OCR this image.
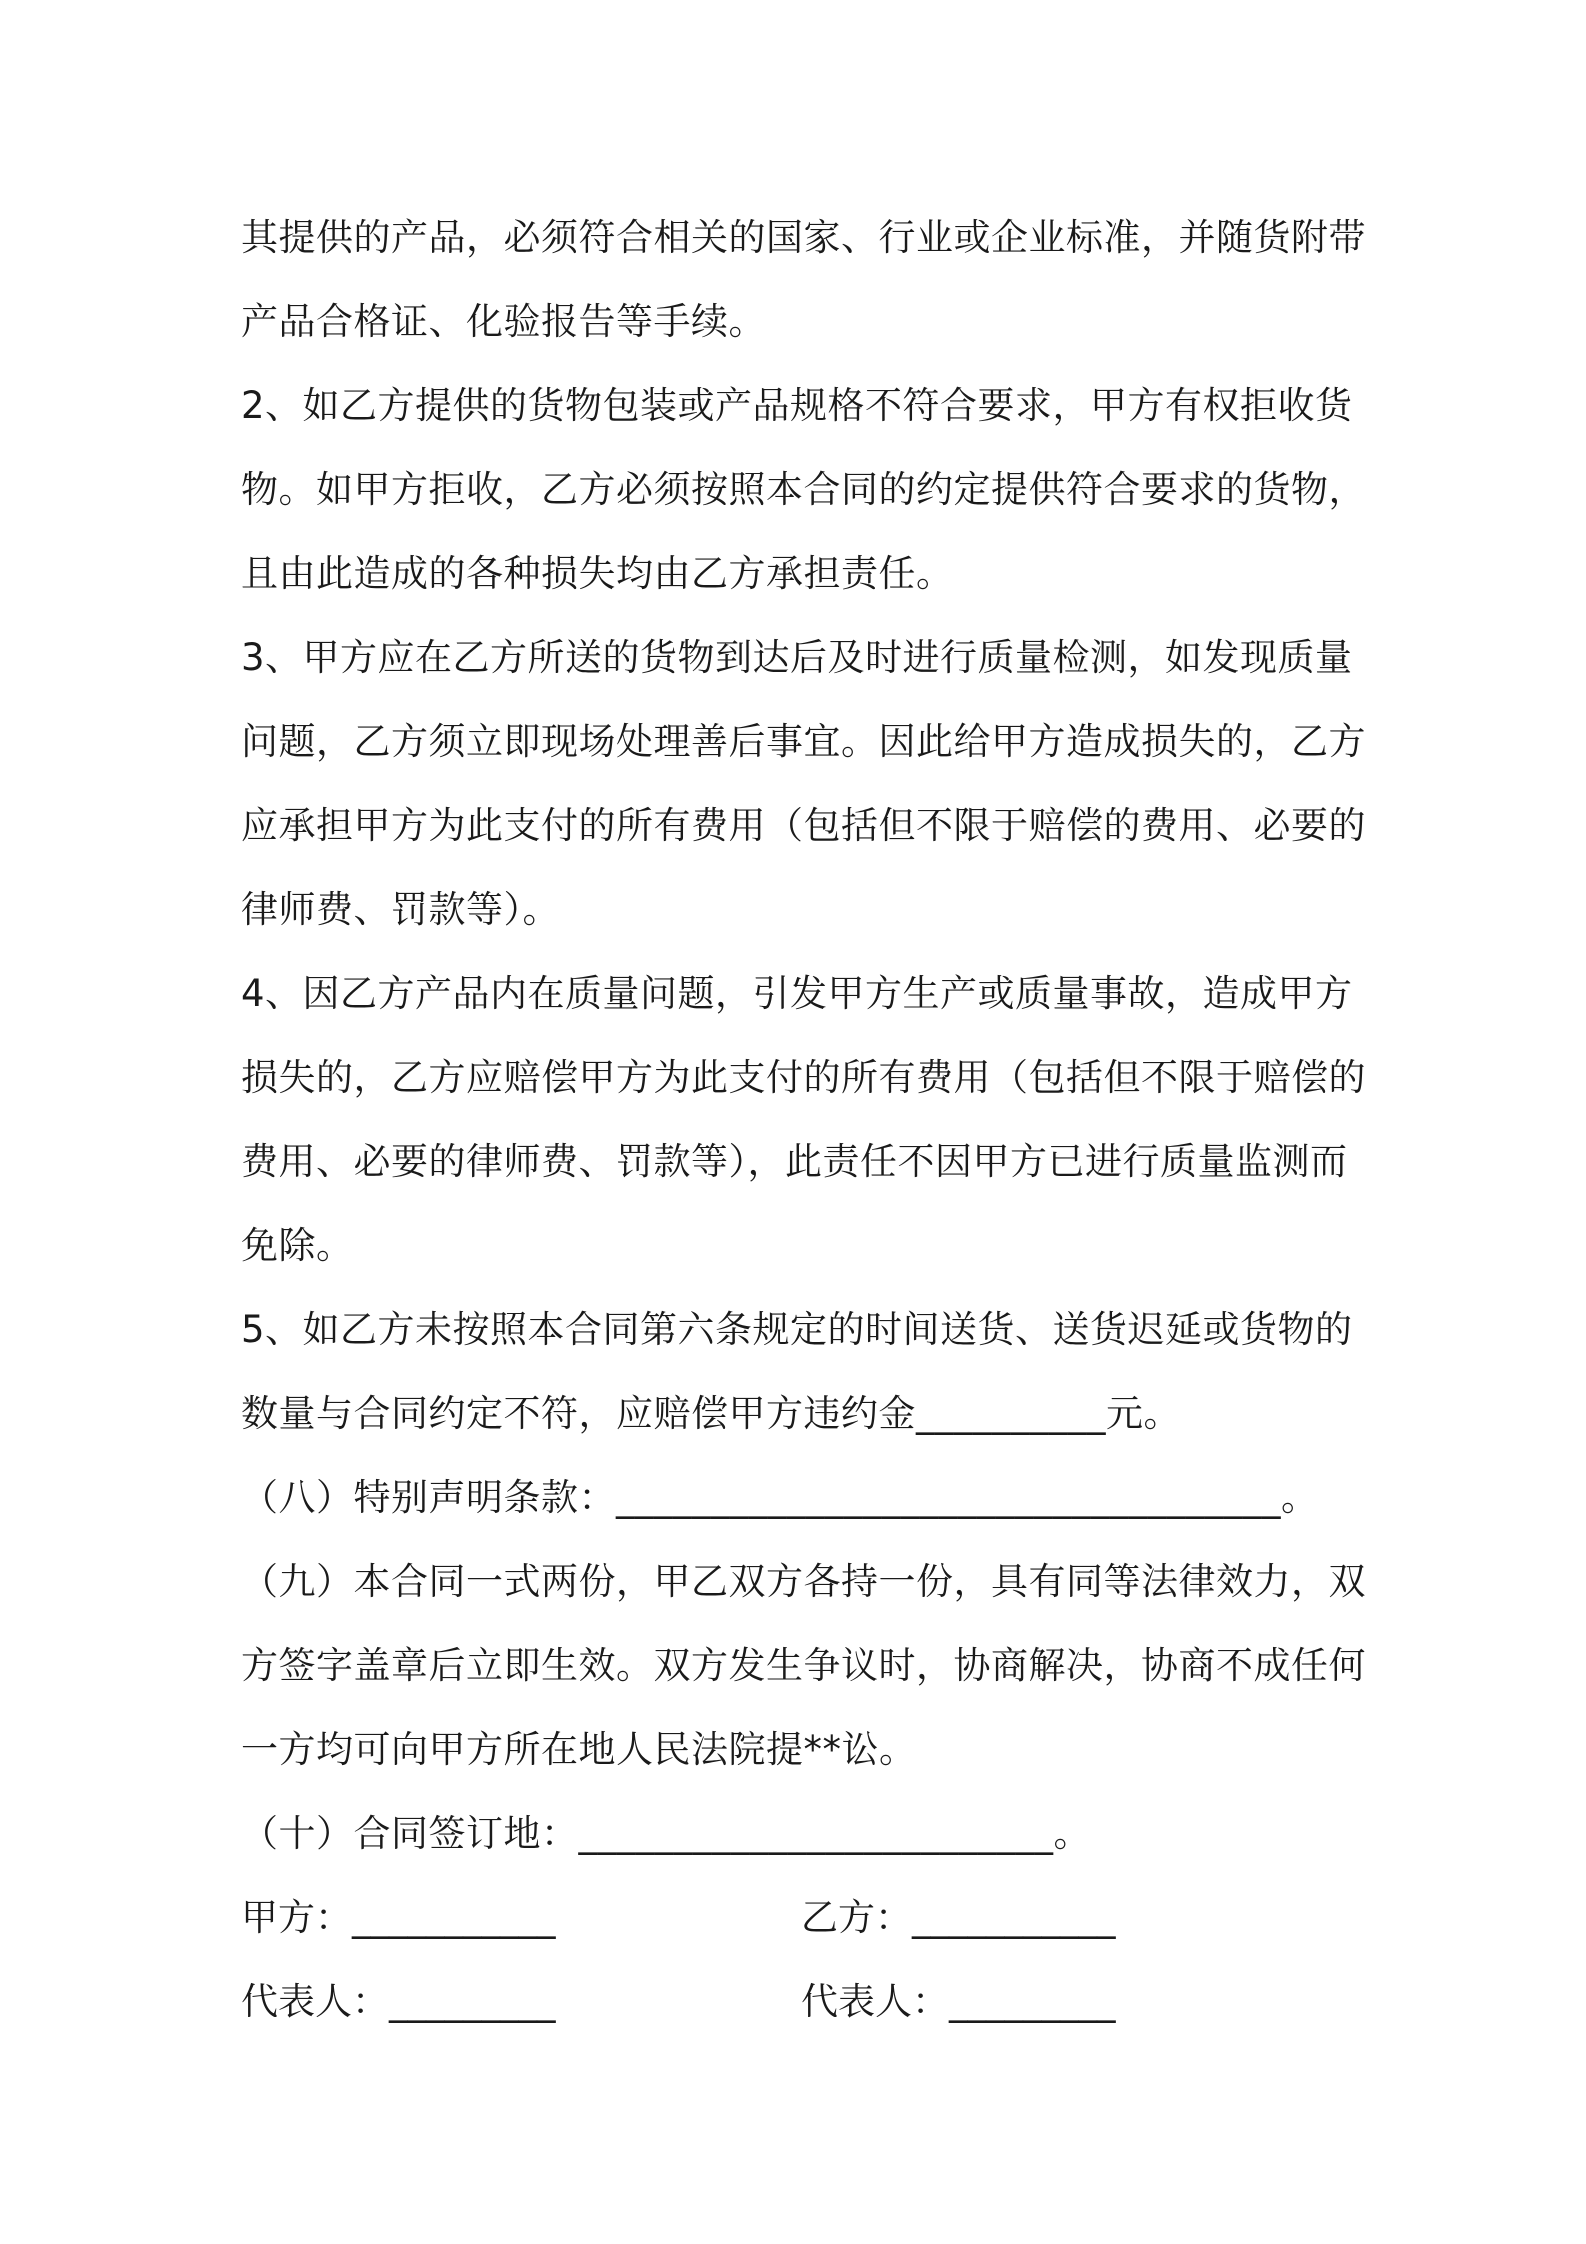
其提供的产品，必须符合相关的国家、行业或企业标准，并随货附带
产品合格证、化验报告等手续。
2、如乙方提供的货物包装或产品规格不符合要求，甲方有权拒收货
物。如甲方拒收，乙方必须按照本合同的约定提供符合要求的货物，
且由此造成的各种损失均由乙方承担责任。
3、甲方应在乙方所送的货物到达后及时进行质量检测，如发现质量
问题，乙方须立即现场处理善后事宜。因此给甲方造成损失的，乙方
应承担甲方为此支付的所有费用（包括但不限于赔偿的费用、必要的
律师费、罚款等）。
4、因乙方产品内在质量问题，引发甲方生产或质量事故，造成甲方
损失的，乙方应赔偿甲方为此支付的所有费用（包括但不限于赔偿的
费用、必要的律师费、罚款等），此责任不因甲方已进行质量监测而
免除。
5、如乙方未按照本合同第六条规定的时间送货、送货迟延或货物的
数量与合同约定不符，应赔偿甲方违约金__________元。
（八）特别声明条款：___________________________________。
（九）本合同一式两份，甲乙双方各持一份，具有同等法律效力，双
方签字盖章后立即生效。双方发生争议时，协商解决，协商不成任何
一方均可向甲方所在地人民法院提**讼。
（十）合同签订地：_________________________。
甲方：___________	乙方：___________
代表人：_________	代表人：_________
